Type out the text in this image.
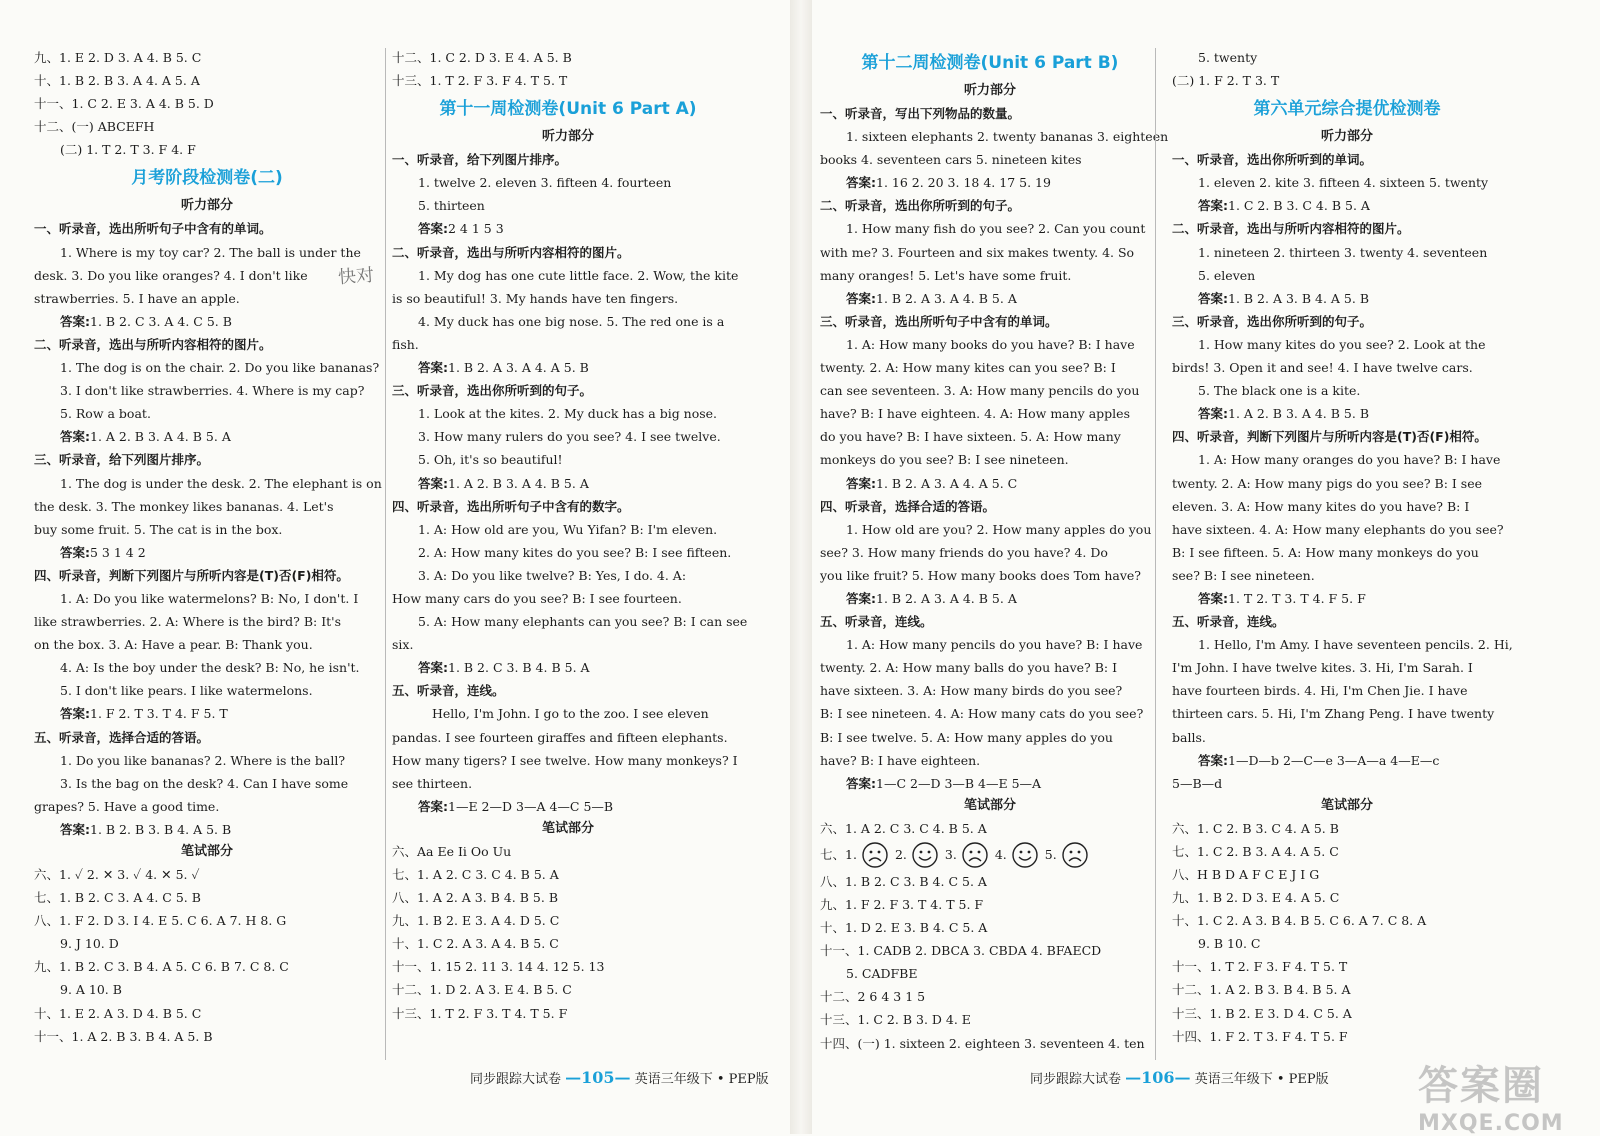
九、1. E 2. D 3. A 4. B 5. C
十、1. B 2. B 3. A 4. A 5. A
十一、1. C 2. E 3. A 4. B 5. D
十二、(一) ABCEFH
(二) 1. T 2. T 3. F 4. F
月考阶段检测卷(二)
听力部分
一、听录音，选出所听句子中含有的单词。
1. Where is my toy car? 2. The ball is under the
desk. 3. Do you like oranges? 4. I don't like
strawberries. 5. I have an apple.
答案:1. B 2. C 3. A 4. C 5. B
二、听录音，选出与所听内容相符的图片。
1. The dog is on the chair. 2. Do you like bananas?
3. I don't like strawberries. 4. Where is my cap?
5. Row a boat.
答案:1. A 2. B 3. A 4. B 5. A
三、听录音，给下列图片排序。
1. The dog is under the desk. 2. The elephant is on
the desk. 3. The monkey likes bananas. 4. Let's
buy some fruit. 5. The cat is in the box.
答案:5 3 1 4 2
四、听录音，判断下列图片与所听内容是(T)否(F)相符。
1. A: Do you like watermelons? B: No, I don't. I
like strawberries. 2. A: Where is the bird? B: It's
on the box. 3. A: Have a pear. B: Thank you.
4. A: Is the boy under the desk? B: No, he isn't.
5. I don't like pears. I like watermelons.
答案:1. F 2. T 3. T 4. F 5. T
五、听录音，选择合适的答语。
1. Do you like bananas? 2. Where is the ball?
3. Is the bag on the desk? 4. Can I have some
grapes? 5. Have a good time.
答案:1. B 2. B 3. B 4. A 5. B
笔试部分
六、1. ✓ 2. ✕ 3. ✓ 4. ✕ 5. ✓
七、1. B 2. C 3. A 4. C 5. B
八、1. F 2. D 3. I 4. E 5. C 6. A 7. H 8. G
9. J 10. D
九、1. B 2. C 3. B 4. A 5. C 6. B 7. C 8. C
9. A 10. B
十、1. E 2. A 3. D 4. B 5. C
十一、1. A 2. B 3. B 4. A 5. B
十二、1. C 2. D 3. E 4. A 5. B
十三、1. T 2. F 3. F 4. T 5. T
第十一周检测卷(Unit 6 Part A)
听力部分
一、听录音，给下列图片排序。
1. twelve 2. eleven 3. fifteen 4. fourteen
5. thirteen
答案:2 4 1 5 3
二、听录音，选出与所听内容相符的图片。
1. My dog has one cute little face. 2. Wow, the kite
is so beautiful! 3. My hands have ten fingers.
4. My duck has one big nose. 5. The red one is a
fish.
答案:1. B 2. A 3. A 4. A 5. B
三、听录音，选出你所听到的句子。
1. Look at the kites. 2. My duck has a big nose.
3. How many rulers do you see? 4. I see twelve.
5. Oh, it's so beautiful!
答案:1. A 2. B 3. A 4. B 5. A
四、听录音，选出所听句子中含有的数字。
1. A: How old are you, Wu Yifan? B: I'm eleven.
2. A: How many kites do you see? B: I see fifteen.
3. A: Do you like twelve? B: Yes, I do. 4. A:
How many cars do you see? B: I see fourteen.
5. A: How many elephants can you see? B: I can see
six.
答案:1. B 2. C 3. B 4. B 5. A
五、听录音，连线。
Hello, I'm John. I go to the zoo. I see eleven
pandas. I see fourteen giraffes and fifteen elephants.
How many tigers? I see twelve. How many monkeys? I
see thirteen.
答案:1—E 2—D 3—A 4—C 5—B
笔试部分
六、Aa Ee Ii Oo Uu
七、1. A 2. C 3. C 4. B 5. A
八、1. A 2. A 3. B 4. B 5. B
九、1. B 2. E 3. A 4. D 5. C
十、1. C 2. A 3. A 4. B 5. C
十一、1. 15 2. 11 3. 14 4. 12 5. 13
十二、1. D 2. A 3. E 4. B 5. C
十三、1. T 2. F 3. T 4. T 5. F
快对
同步跟踪大试卷 —105— 英语三年级下 • PEP版
第十二周检测卷(Unit 6 Part B)
听力部分
一、听录音，写出下列物品的数量。
1. sixteen elephants 2. twenty bananas 3. eighteen
books 4. seventeen cars 5. nineteen kites
答案:1. 16 2. 20 3. 18 4. 17 5. 19
二、听录音，选出你所听到的句子。
1. How many fish do you see? 2. Can you count
with me? 3. Fourteen and six makes twenty. 4. So
many oranges! 5. Let's have some fruit.
答案:1. B 2. A 3. A 4. B 5. A
三、听录音，选出所听句子中含有的单词。
1. A: How many books do you have? B: I have
twenty. 2. A: How many kites can you see? B: I
can see seventeen. 3. A: How many pencils do you
have? B: I have eighteen. 4. A: How many apples
do you have? B: I have sixteen. 5. A: How many
monkeys do you see? B: I see nineteen.
答案:1. B 2. A 3. A 4. A 5. C
四、听录音，选择合适的答语。
1. How old are you? 2. How many apples do you
see? 3. How many friends do you have? 4. Do
you like fruit? 5. How many books does Tom have?
答案:1. B 2. A 3. A 4. B 5. A
五、听录音，连线。
1. A: How many pencils do you have? B: I have
twenty. 2. A: How many balls do you have? B: I
have sixteen. 3. A: How many birds do you see?
B: I see nineteen. 4. A: How many cats do you see?
B: I see twelve. 5. A: How many apples do you
have? B: I have eighteen.
答案:1—C 2—D 3—B 4—E 5—A
笔试部分
六、1. A 2. C 3. C 4. B 5. A
七、1.	2.	3.	4.	5.
八、1. B 2. C 3. B 4. C 5. A
九、1. F 2. F 3. T 4. T 5. F
十、1. D 2. E 3. B 4. C 5. A
十一、1. CADB 2. DBCA 3. CBDA 4. BFAECD
5. CADFBE
十二、2 6 4 3 1 5
十三、1. C 2. B 3. D 4. E
十四、(一) 1. sixteen 2. eighteen 3. seventeen 4. ten
5. twenty
(二) 1. F 2. T 3. T
第六单元综合提优检测卷
听力部分
一、听录音，选出你所听到的单词。
1. eleven 2. kite 3. fifteen 4. sixteen 5. twenty
答案:1. C 2. B 3. C 4. B 5. A
二、听录音，选出与所听内容相符的图片。
1. nineteen 2. thirteen 3. twenty 4. seventeen
5. eleven
答案:1. B 2. A 3. B 4. A 5. B
三、听录音，选出你所听到的句子。
1. How many kites do you see? 2. Look at the
birds! 3. Open it and see! 4. I have twelve cars.
5. The black one is a kite.
答案:1. A 2. B 3. A 4. B 5. B
四、听录音，判断下列图片与所听内容是(T)否(F)相符。
1. A: How many oranges do you have? B: I have
twenty. 2. A: How many pigs do you see? B: I see
eleven. 3. A: How many kites do you have? B: I
have sixteen. 4. A: How many elephants do you see?
B: I see fifteen. 5. A: How many monkeys do you
see? B: I see nineteen.
答案:1. T 2. T 3. T 4. F 5. F
五、听录音，连线。
1. Hello, I'm Amy. I have seventeen pencils. 2. Hi,
I'm John. I have twelve kites. 3. Hi, I'm Sarah. I
have fourteen birds. 4. Hi, I'm Chen Jie. I have
thirteen cars. 5. Hi, I'm Zhang Peng. I have twenty
balls.
答案:1—D—b 2—C—e 3—A—a 4—E—c
5—B—d
笔试部分
六、1. C 2. B 3. C 4. A 5. B
七、1. C 2. B 3. A 4. A 5. C
八、H B D A F C E J I G
九、1. B 2. D 3. E 4. A 5. C
十、1. C 2. A 3. B 4. B 5. C 6. A 7. C 8. A
9. B 10. C
十一、1. T 2. F 3. F 4. T 5. T
十二、1. A 2. B 3. B 4. B 5. A
十三、1. B 2. E 3. D 4. C 5. A
十四、1. F 2. T 3. F 4. T 5. F
同步跟踪大试卷 —106— 英语三年级下 • PEP版 答案圈
MXQE.COM
